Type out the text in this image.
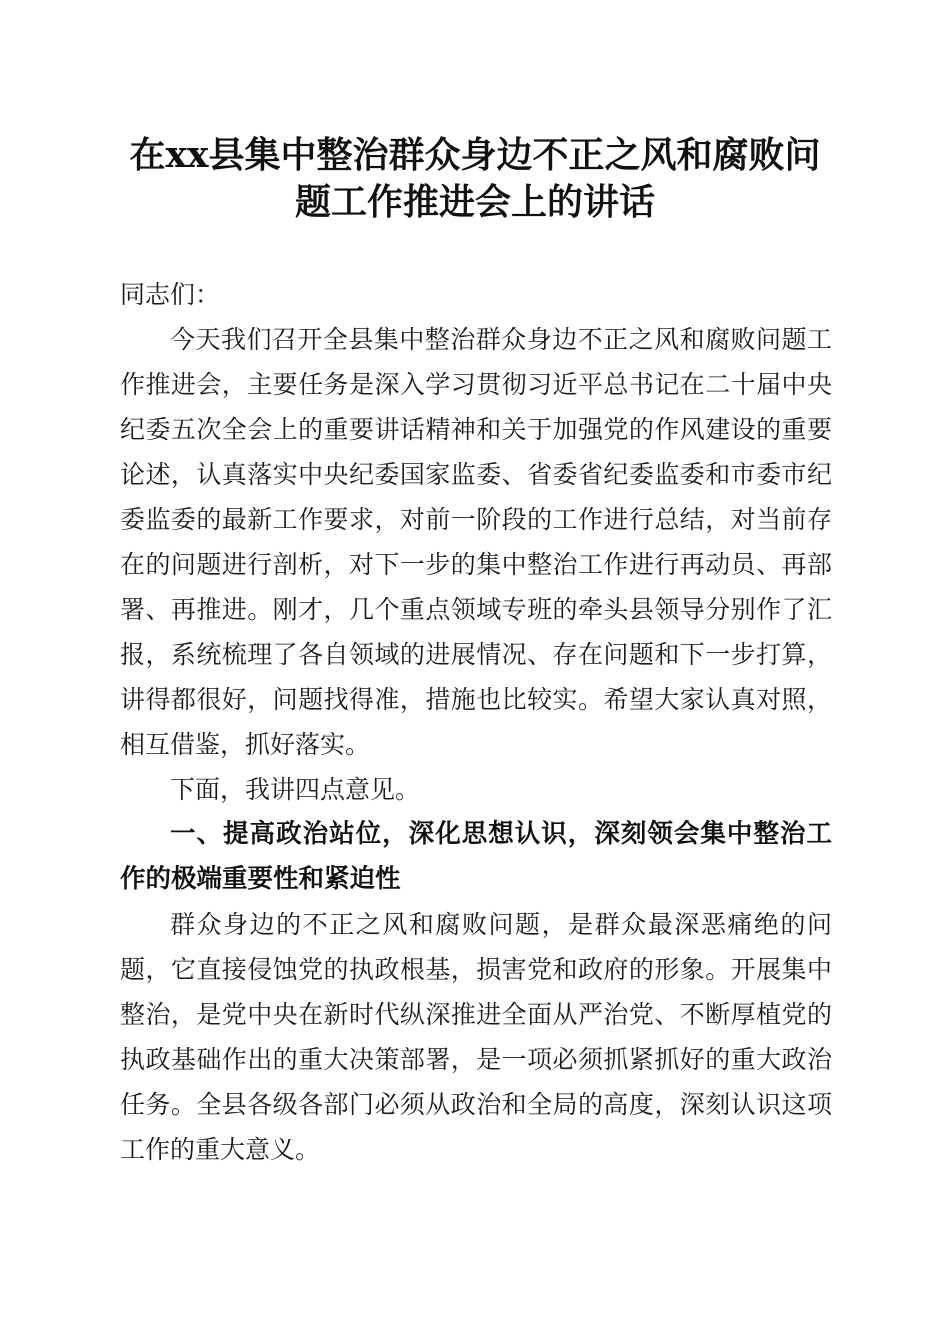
在xx县集中整治群众身边不正之风和腐败问
题工作推进会上的讲话

同志们：

今天我们召开全县集中整治群众身边不正之风和腐败问题工作推进会，主要任务是深入学习贯彻习近平总书记在二十届中央纪委五次全会上的重要讲话精神和关于加强党的作风建设的重要论述，认真落实中央纪委国家监委、省委省纪委监委和市委市纪委监委的最新工作要求，对前一阶段的工作进行总结，对当前存在的问题进行剖析，对下一步的集中整治工作进行再动员、再部署、再推进。刚才，几个重点领域专班的牵头县领导分别作了汇报，系统梳理了各自领域的进展情况、存在问题和下一步打算，讲得都很好，问题找得准，措施也比较实。希望大家认真对照，相互借鉴，抓好落实。

下面，我讲四点意见。

一、提高政治站位，深化思想认识，深刻领会集中整治工作的极端重要性和紧迫性

群众身边的不正之风和腐败问题，是群众最深恶痛绝的问题，它直接侵蚀党的执政根基，损害党和政府的形象。开展集中整治，是党中央在新时代纵深推进全面从严治党、不断厚植党的执政基础作出的重大决策部署，是一项必须抓紧抓好的重大政治任务。全县各级各部门必须从政治和全局的高度，深刻认识这项工作的重大意义。
